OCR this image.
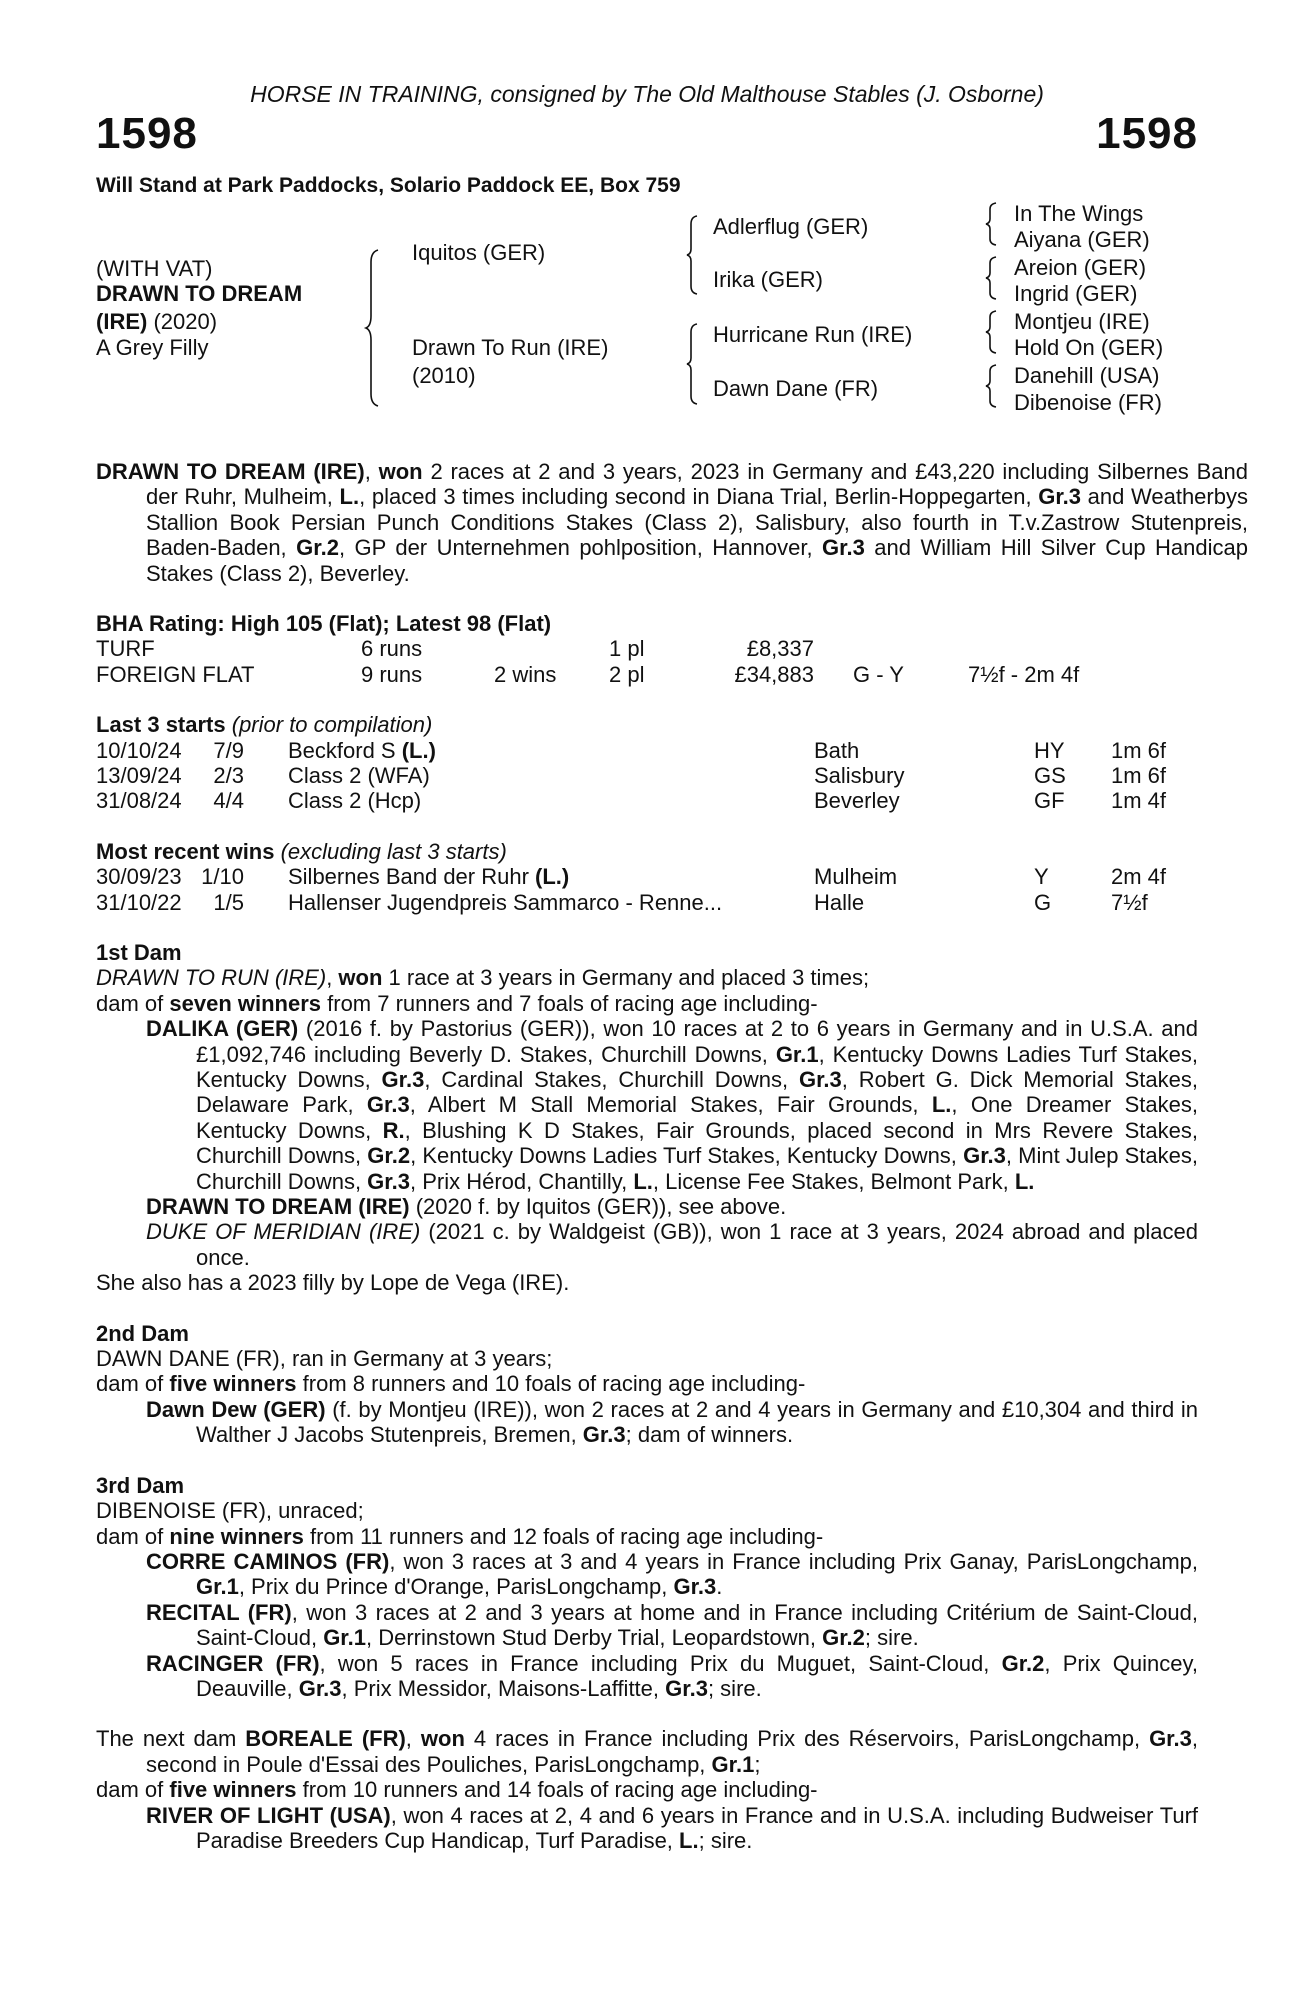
HORSE IN TRAINING, consigned by The Old Malthouse Stables (J. Osborne)
1598	1598
Will Stand at Park Paddocks, Solario Paddock EE, Box 759
(WITH VAT)
DRAWN TO DREAM
(IRE) (2020)
A Grey Filly
Iquitos (GER)
Drawn To Run (IRE)
(2010)
Adlerflug (GER)
Irika (GER)
Hurricane Run (IRE)
Dawn Dane (FR)
In The Wings
Aiyana (GER)
Areion (GER)
Ingrid (GER)
Montjeu (IRE)
Hold On (GER)
Danehill (USA)
Dibenoise (FR)
DRAWN TO DREAM (IRE), won 2 races at 2 and 3 years, 2023 in Germany and £43,220 including Silbernes Band der Ruhr, Mulheim, L., placed 3 times including second in Diana Trial, Berlin-Hoppegarten, Gr.3 and Weatherbys Stallion Book Persian Punch Conditions Stakes (Class 2), Salisbury, also fourth in T.v.Zastrow Stutenpreis, Baden-Baden, Gr.2, GP der Unternehmen pohlposition, Hannover, Gr.3 and William Hill Silver Cup Handicap Stakes (Class 2), Beverley.
BHA Rating: High 105 (Flat); Latest 98 (Flat)
TURF	6 runs	1 pl	£8,337
FOREIGN FLAT	9 runs	2 wins 2 pl	£34,883 G - Y	7½f - 2m 4f
Last 3 starts (prior to compilation)
10/10/24 7/9 Beckford S (L.)	Bath	HY 1m 6f
13/09/24 2/3 Class 2 (WFA)	Salisbury	GS 1m 6f
31/08/24 4/4 Class 2 (Hcp)	Beverley	GF 1m 4f
Most recent wins (excluding last 3 starts)
30/09/23 1/10 Silbernes Band der Ruhr (L.)	Mulheim	Y	2m 4f
31/10/22 1/5 Hallenser Jugendpreis Sammarco - Renne...	Halle	G	7½f
1st Dam
DRAWN TO RUN (IRE), won 1 race at 3 years in Germany and placed 3 times;
dam of seven winners from 7 runners and 7 foals of racing age including-
DALIKA (GER) (2016 f. by Pastorius (GER)), won 10 races at 2 to 6 years in Germany and in U.S.A. and £1,092,746 including Beverly D. Stakes, Churchill Downs, Gr.1, Kentucky Downs Ladies Turf Stakes, Kentucky Downs, Gr.3, Cardinal Stakes, Churchill Downs, Gr.3, Robert G. Dick Memorial Stakes, Delaware Park, Gr.3, Albert M Stall Memorial Stakes, Fair Grounds, L., One Dreamer Stakes, Kentucky Downs, R., Blushing K D Stakes, Fair Grounds, placed second in Mrs Revere Stakes, Churchill Downs, Gr.2, Kentucky Downs Ladies Turf Stakes, Kentucky Downs, Gr.3, Mint Julep Stakes, Churchill Downs, Gr.3, Prix Hérod, Chantilly, L., License Fee Stakes, Belmont Park, L.
DRAWN TO DREAM (IRE) (2020 f. by Iquitos (GER)), see above.
DUKE OF MERIDIAN (IRE) (2021 c. by Waldgeist (GB)), won 1 race at 3 years, 2024 abroad and placed once.
She also has a 2023 filly by Lope de Vega (IRE).
2nd Dam
DAWN DANE (FR), ran in Germany at 3 years;
dam of five winners from 8 runners and 10 foals of racing age including-
Dawn Dew (GER) (f. by Montjeu (IRE)), won 2 races at 2 and 4 years in Germany and £10,304 and third in Walther J Jacobs Stutenpreis, Bremen, Gr.3; dam of winners.
3rd Dam
DIBENOISE (FR), unraced;
dam of nine winners from 11 runners and 12 foals of racing age including-
CORRE CAMINOS (FR), won 3 races at 3 and 4 years in France including Prix Ganay, ParisLongchamp, Gr.1, Prix du Prince d'Orange, ParisLongchamp, Gr.3.
RECITAL (FR), won 3 races at 2 and 3 years at home and in France including Critérium de Saint-Cloud, Saint-Cloud, Gr.1, Derrinstown Stud Derby Trial, Leopardstown, Gr.2; sire.
RACINGER (FR), won 5 races in France including Prix du Muguet, Saint-Cloud, Gr.2, Prix Quincey, Deauville, Gr.3, Prix Messidor, Maisons-Laffitte, Gr.3; sire.
The next dam BOREALE (FR), won 4 races in France including Prix des Réservoirs, ParisLongchamp, Gr.3, second in Poule d'Essai des Pouliches, ParisLongchamp, Gr.1;
dam of five winners from 10 runners and 14 foals of racing age including-
RIVER OF LIGHT (USA), won 4 races at 2, 4 and 6 years in France and in U.S.A. including Budweiser Turf Paradise Breeders Cup Handicap, Turf Paradise, L.; sire.
